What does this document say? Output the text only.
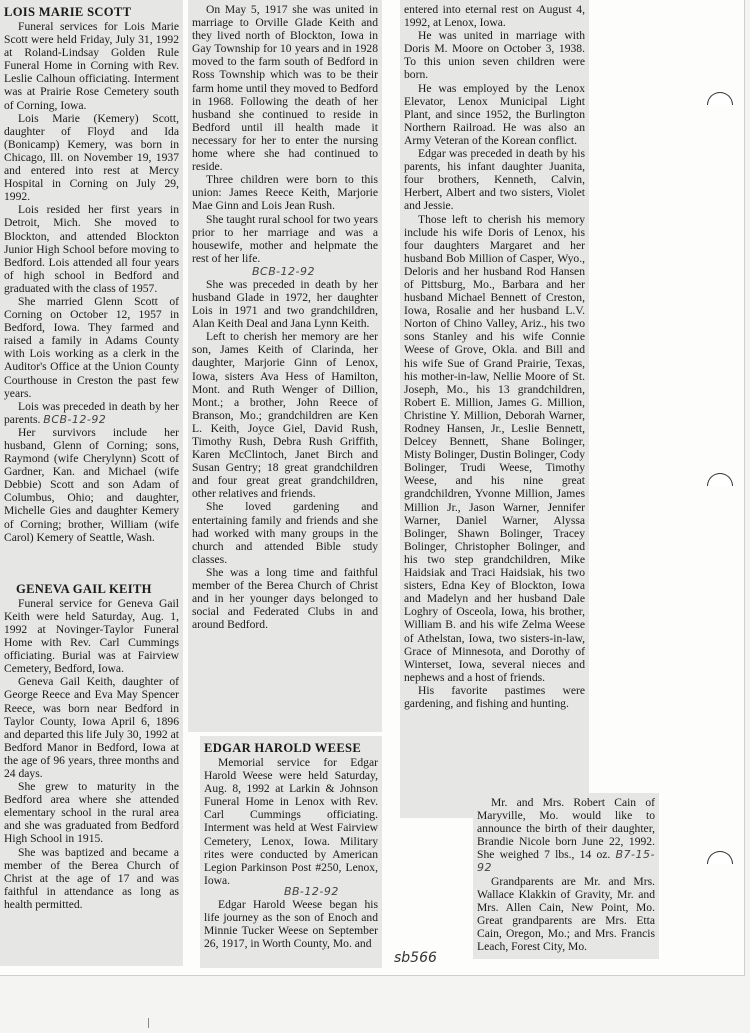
LOIS MARIE SCOTT

Funeral services for Lois Marie Scott were held Friday, July 31, 1992 at Roland-Lindsay Golden Rule Funeral Home in Corning with Rev. Leslie Calhoun officiating. Interment was at Prairie Rose Cemetery south of Corning, Iowa.

Lois Marie (Kemery) Scott, daughter of Floyd and Ida (Bonicamp) Kemery, was born in Chicago, Ill. on November 19, 1937 and entered into rest at Mercy Hospital in Corning on July 29, 1992.

Lois resided her first years in Detroit, Mich. She moved to Blockton, and attended Blockton Junior High School before moving to Bedford. Lois attended all four years of high school in Bedford and graduated with the class of 1957.

She married Glenn Scott of Corning on October 12, 1957 in Bedford, Iowa. They farmed and raised a family in Adams County with Lois working as a clerk in the Auditor's Office at the Union County Courthouse in Creston the past few years.

Lois was preceded in death by her parents. BCB-12-92

Her survivors include her husband, Glenn of Corning; sons, Raymond (wife Cherylynn) Scott of Gardner, Kan. and Michael (wife Debbie) Scott and son Adam of Columbus, Ohio; and daughter, Michelle Gies and daughter Kemery of Corning; brother, William (wife Carol) Kemery of Seattle, Wash.

GENEVA GAIL KEITH

Funeral service for Geneva Gail Keith were held Saturday, Aug. 1, 1992 at Novinger-Taylor Funeral Home with Rev. Carl Cummings officiating. Burial was at Fairview Cemetery, Bedford, Iowa.

Geneva Gail Keith, daughter of George Reece and Eva May Spencer Reece, was born near Bedford in Taylor County, Iowa April 6, 1896 and departed this life July 30, 1992 at Bedford Manor in Bedford, Iowa at the age of 96 years, three months and 24 days.

She grew to maturity in the Bedford area where she attended elementary school in the rural area and she was graduated from Bedford High School in 1915.

She was baptized and became a member of the Berea Church of Christ at the age of 17 and was faithful in attendance as long as health permitted.

On May 5, 1917 she was united in marriage to Orville Glade Keith and they lived north of Blockton, Iowa in Gay Township for 10 years and in 1928 moved to the farm south of Bedford in Ross Township which was to be their farm home until they moved to Bedford in 1968. Following the death of her husband she continued to reside in Bedford until ill health made it necessary for her to enter the nursing home where she had continued to reside.

Three children were born to this union: James Reece Keith, Marjorie Mae Ginn and Lois Jean Rush.

She taught rural school for two years prior to her marriage and was a housewife, mother and helpmate the rest of her life.

BCB-12-92

She was preceded in death by her husband Glade in 1972, her daughter Lois in 1971 and two grandchildren, Alan Keith Deal and Jana Lynn Keith.

Left to cherish her memory are her son, James Keith of Clarinda, her daughter, Marjorie Ginn of Lenox, Iowa, sisters Ava Hess of Hamilton, Mont. and Ruth Wenger of Dillion, Mont.; a brother, John Reece of Branson, Mo.; grandchildren are Ken L. Keith, Joyce Giel, David Rush, Timothy Rush, Debra Rush Griffith, Karen McClintoch, Janet Birch and Susan Gentry; 18 great grandchildren and four great great grandchildren, other relatives and friends.

She loved gardening and entertaining family and friends and she had worked with many groups in the church and attended Bible study classes.

She was a long time and faithful member of the Berea Church of Christ and in her younger days belonged to social and Federated Clubs in and around Bedford.

EDGAR HAROLD WEESE

Memorial service for Edgar Harold Weese were held Saturday, Aug. 8, 1992 at Larkin & Johnson Funeral Home in Lenox with Rev. Carl Cummings officiating. Interment was held at West Fairview Cemetery, Lenox, Iowa. Military rites were conducted by American Legion Parkinson Post #250, Lenox, Iowa.

BB-12-92

Edgar Harold Weese began his life journey as the son of Enoch and Minnie Tucker Weese on September 26, 1917, in Worth County, Mo. and

entered into eternal rest on August 4, 1992, at Lenox, Iowa.

He was united in marriage with Doris M. Moore on October 3, 1938. To this union seven children were born.

He was employed by the Lenox Elevator, Lenox Municipal Light Plant, and since 1952, the Burlington Northern Railroad. He was also an Army Veteran of the Korean conflict.

Edgar was preceded in death by his parents, his infant daughter Juanita, four brothers, Kenneth, Calvin, Herbert, Albert and two sisters, Violet and Jessie.

Those left to cherish his memory include his wife Doris of Lenox, his four daughters Margaret and her husband Bob Million of Casper, Wyo., Deloris and her husband Rod Hansen of Pittsburg, Mo., Barbara and her husband Michael Bennett of Creston, Iowa, Rosalie and her husband L.V. Norton of Chino Valley, Ariz., his two sons Stanley and his wife Connie Weese of Grove, Okla. and Bill and his wife Sue of Grand Prairie, Texas, his mother-in-law, Nellie Moore of St. Joseph, Mo., his 13 grandchildren, Robert E. Million, James G. Million, Christine Y. Million, Deborah Warner, Rodney Hansen, Jr., Leslie Bennett, Delcey Bennett, Shane Bolinger, Misty Bolinger, Dustin Bolinger, Cody Bolinger, Trudi Weese, Timothy Weese, and his nine great grandchildren, Yvonne Million, James Million Jr., Jason Warner, Jennifer Warner, Daniel Warner, Alyssa Bolinger, Shawn Bolinger, Tracey Bolinger, Christopher Bolinger, and his two step grandchildren, Mike Haidsiak and Traci Haidsiak, his two sisters, Edna Key of Blockton, Iowa and Madelyn and her husband Dale Loghry of Osceola, Iowa, his brother, William B. and his wife Zelma Weese of Athelstan, Iowa, two sisters-in-law, Grace of Minnesota, and Dorothy of Winterset, Iowa, several nieces and nephews and a host of friends.

His favorite pastimes were gardening, and fishing and hunting.

Mr. and Mrs. Robert Cain of Maryville, Mo. would like to announce the birth of their daughter, Brandie Nicole born June 22, 1992. She weighed 7 lbs., 14 oz. B7-15-92

Grandparents are Mr. and Mrs. Wallace Klakkin of Gravity, Mr. and Mrs. Allen Cain, New Point, Mo. Great grandparents are Mrs. Etta Cain, Oregon, Mo.; and Mrs. Francis Leach, Forest City, Mo.

sb566
